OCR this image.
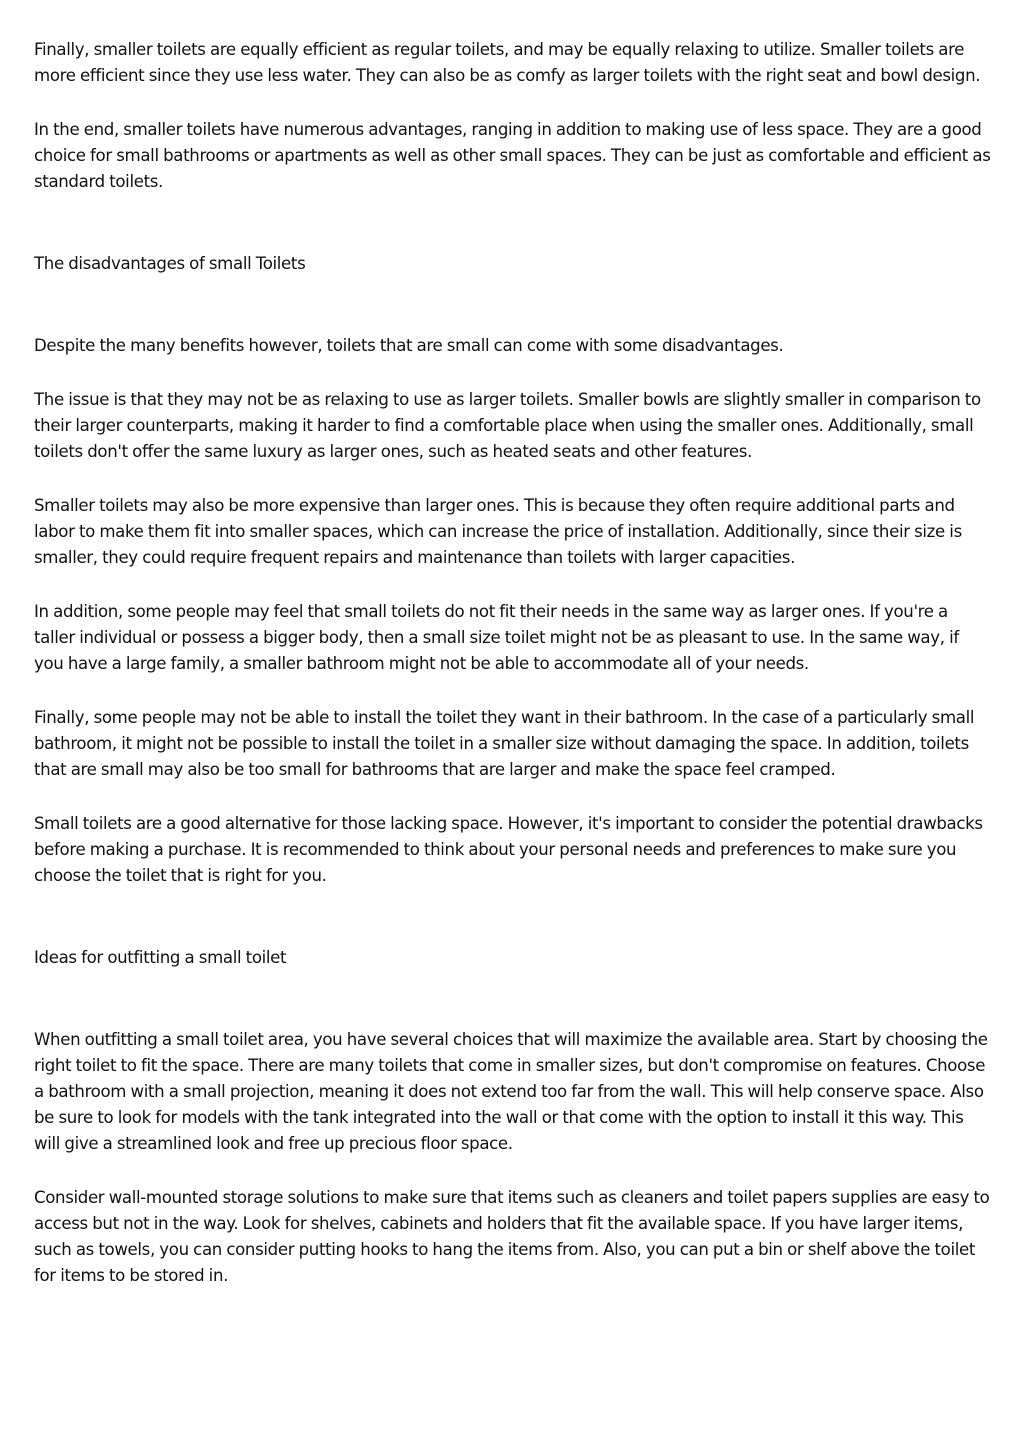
Finally, smaller toilets are equally efficient as regular toilets, and may be equally relaxing to utilize. Smaller toilets are more efficient since they use less water. They can also be as comfy as larger toilets with the right seat and bowl design.

In the end, smaller toilets have numerous advantages, ranging in addition to making use of less space. They are a good choice for small bathrooms or apartments as well as other small spaces. They can be just as comfortable and efficient as standard toilets.

The disadvantages of small Toilets

Despite the many benefits however, toilets that are small can come with some disadvantages.

The issue is that they may not be as relaxing to use as larger toilets. Smaller bowls are slightly smaller in comparison to their larger counterparts, making it harder to find a comfortable place when using the smaller ones. Additionally, small toilets don't offer the same luxury as larger ones, such as heated seats and other features.

Smaller toilets may also be more expensive than larger ones. This is because they often require additional parts and labor to make them fit into smaller spaces, which can increase the price of installation. Additionally, since their size is smaller, they could require frequent repairs and maintenance than toilets with larger capacities.

In addition, some people may feel that small toilets do not fit their needs in the same way as larger ones. If you're a taller individual or possess a bigger body, then a small size toilet might not be as pleasant to use. In the same way, if you have a large family, a smaller bathroom might not be able to accommodate all of your needs.

Finally, some people may not be able to install the toilet they want in their bathroom. In the case of a particularly small bathroom, it might not be possible to install the toilet in a smaller size without damaging the space. In addition, toilets that are small may also be too small for bathrooms that are larger and make the space feel cramped.

Small toilets are a good alternative for those lacking space. However, it's important to consider the potential drawbacks before making a purchase. It is recommended to think about your personal needs and preferences to make sure you choose the toilet that is right for you.

Ideas for outfitting a small toilet

When outfitting a small toilet area, you have several choices that will maximize the available area. Start by choosing the right toilet to fit the space. There are many toilets that come in smaller sizes, but don't compromise on features. Choose a bathroom with a small projection, meaning it does not extend too far from the wall. This will help conserve space. Also be sure to look for models with the tank integrated into the wall or that come with the option to install it this way. This will give a streamlined look and free up precious floor space.

Consider wall-mounted storage solutions to make sure that items such as cleaners and toilet papers supplies are easy to access but not in the way. Look for shelves, cabinets and holders that fit the available space. If you have larger items, such as towels, you can consider putting hooks to hang the items from. Also, you can put a bin or shelf above the toilet for items to be stored in.
